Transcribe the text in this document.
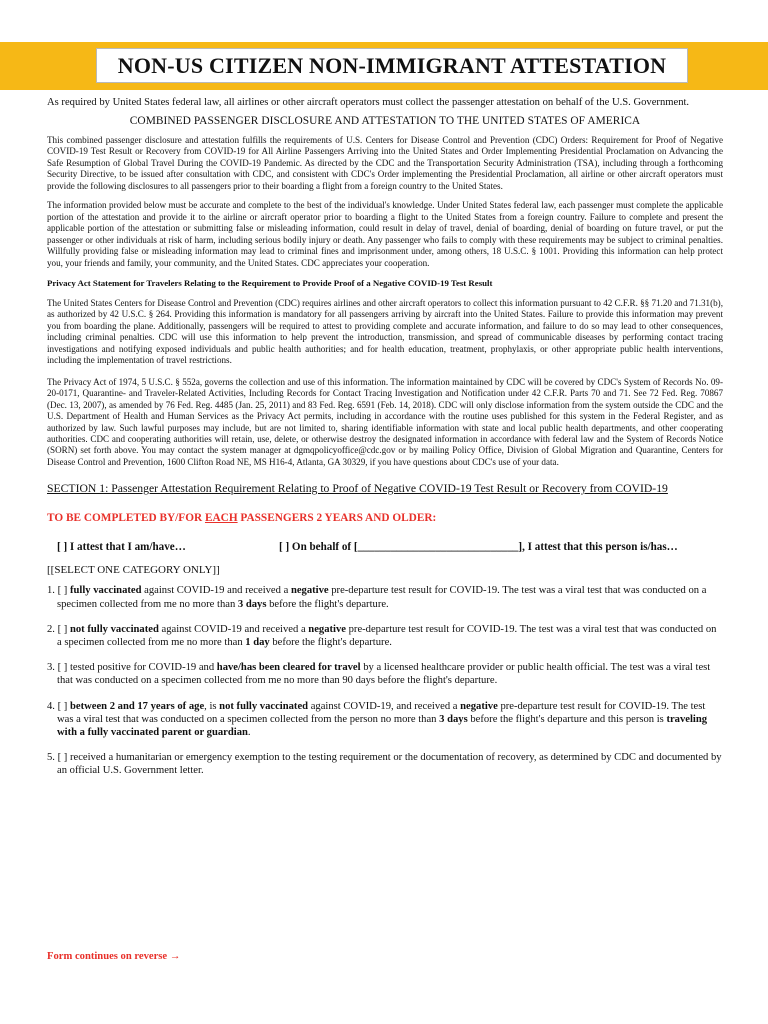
NON-US CITIZEN NON-IMMIGRANT ATTESTATION

As required by United States federal law, all airlines or other aircraft operators must collect the passenger attestation on behalf of the U.S. Government.

COMBINED PASSENGER DISCLOSURE AND ATTESTATION TO THE UNITED STATES OF AMERICA

This combined passenger disclosure and attestation fulfills the requirements of U.S. Centers for Disease Control and Prevention (CDC) Orders: Requirement for Proof of Negative COVID-19 Test Result or Recovery from COVID-19 for All Airline Passengers Arriving into the United States and Order Implementing Presidential Proclamation on Advancing the Safe Resumption of Global Travel During the COVID-19 Pandemic. As directed by the CDC and the Transportation Security Administration (TSA), including through a forthcoming Security Directive, to be issued after consultation with CDC, and consistent with CDC's Order implementing the Presidential Proclamation, all airline or other aircraft operators must provide the following disclosures to all passengers prior to their boarding a flight from a foreign country to the United States.

The information provided below must be accurate and complete to the best of the individual's knowledge. Under United States federal law, each passenger must complete the applicable portion of the attestation and provide it to the airline or aircraft operator prior to boarding a flight to the United States from a foreign country. Failure to complete and present the applicable portion of the attestation or submitting false or misleading information, could result in delay of travel, denial of boarding, denial of boarding on future travel, or put the passenger or other individuals at risk of harm, including serious bodily injury or death. Any passenger who fails to comply with these requirements may be subject to criminal penalties. Willfully providing false or misleading information may lead to criminal fines and imprisonment under, among others, 18 U.S.C. § 1001. Providing this information can help protect you, your friends and family, your community, and the United States. CDC appreciates your cooperation.

Privacy Act Statement for Travelers Relating to the Requirement to Provide Proof of a Negative COVID-19 Test Result

The United States Centers for Disease Control and Prevention (CDC) requires airlines and other aircraft operators to collect this information pursuant to 42 C.F.R. §§ 71.20 and 71.31(b), as authorized by 42 U.S.C. § 264. Providing this information is mandatory for all passengers arriving by aircraft into the United States. Failure to provide this information may prevent you from boarding the plane. Additionally, passengers will be required to attest to providing complete and accurate information, and failure to do so may lead to other consequences, including criminal penalties. CDC will use this information to help prevent the introduction, transmission, and spread of communicable diseases by performing contact tracing investigations and notifying exposed individuals and public health authorities; and for health education, treatment, prophylaxis, or other appropriate public health interventions, including the implementation of travel restrictions.

The Privacy Act of 1974, 5 U.S.C. § 552a, governs the collection and use of this information. The information maintained by CDC will be covered by CDC's System of Records No. 09-20-0171, Quarantine- and Traveler-Related Activities, Including Records for Contact Tracing Investigation and Notification under 42 C.F.R. Parts 70 and 71. See 72 Fed. Reg. 70867 (Dec. 13, 2007), as amended by 76 Fed. Reg. 4485 (Jan. 25, 2011) and 83 Fed. Reg. 6591 (Feb. 14, 2018). CDC will only disclose information from the system outside the CDC and the U.S. Department of Health and Human Services as the Privacy Act permits, including in accordance with the routine uses published for this system in the Federal Register, and as authorized by law. Such lawful purposes may include, but are not limited to, sharing identifiable information with state and local public health departments, and other cooperating authorities. CDC and cooperating authorities will retain, use, delete, or otherwise destroy the designated information in accordance with federal law and the System of Records Notice (SORN) set forth above. You may contact the system manager at dgmqpolicyoffice@cdc.gov or by mailing Policy Office, Division of Global Migration and Quarantine, Centers for Disease Control and Prevention, 1600 Clifton Road NE, MS H16-4, Atlanta, GA 30329, if you have questions about CDC's use of your data.

SECTION 1: Passenger Attestation Requirement Relating to Proof of Negative COVID-19 Test Result or Recovery from COVID-19

TO BE COMPLETED BY/FOR EACH PASSENGERS 2 YEARS AND OLDER:

[ ] I attest that I am/have…	[ ] On behalf of [_____________________________], I attest that this person is/has…

[[SELECT ONE CATEGORY ONLY]]

1. [ ] fully vaccinated against COVID-19 and received a negative pre-departure test result for COVID-19. The test was a viral test that was conducted on a specimen collected from me no more than 3 days before the flight's departure.

2. [ ] not fully vaccinated against COVID-19 and received a negative pre-departure test result for COVID-19. The test was a viral test that was conducted on a specimen collected from me no more than 1 day before the flight's departure.

3. [ ] tested positive for COVID-19 and have/has been cleared for travel by a licensed healthcare provider or public health official. The test was a viral test that was conducted on a specimen collected from me no more than 90 days before the flight's departure.

4. [ ] between 2 and 17 years of age, is not fully vaccinated against COVID-19, and received a negative pre-departure test result for COVID-19. The test was a viral test that was conducted on a specimen collected from the person no more than 3 days before the flight's departure and this person is traveling with a fully vaccinated parent or guardian.

5. [ ] received a humanitarian or emergency exemption to the testing requirement or the documentation of recovery, as determined by CDC and documented by an official U.S. Government letter.

Form continues on reverse →
